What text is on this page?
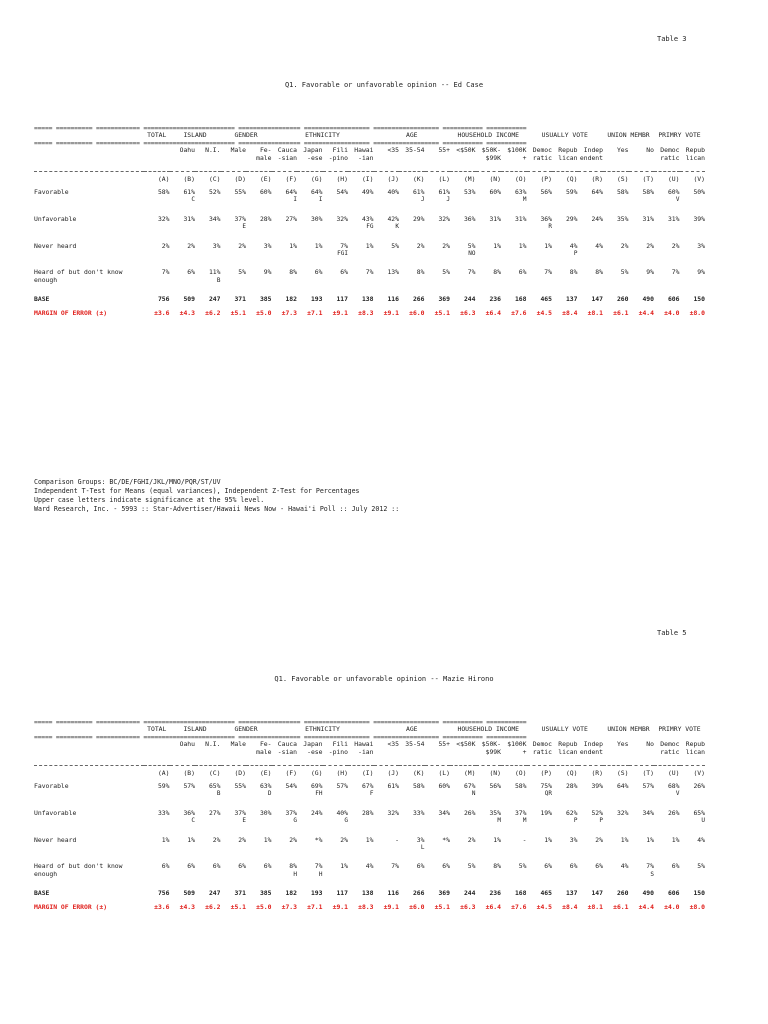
Table 3
Q1. Favorable or unfavorable opinion -- Ed Case
===== ========== ============ ========================= ================= ================== ================== =========== ===========																						
	TOTAL	ISLAND		GENDER		ETHNICITY				AGE			HOUSEHOLD INCOME			USUALLY VOTE			UNION MEMBR		PRIMRY VOTE	
===== ========== ============ ========================= ================= ================== ================== =========== ===========																						
		Oahu	N.I.	Male	Fe-	Cauca	Japan	Fili	Hawai	<35	35-54	55+	<$50K	$50K-	$100K	Democ	Repub	Indep	Yes	No	Democ	Repub
					male	-sian	-ese	-pino	-ian					$99K	+	ratic	lican	endent			ratic	lican

	(A)	(B)	(C)	(D)	(E)	(F)	(G)	(H)	(I)	(J)	(K)	(L)	(M)	(N)	(O)	(P)	(Q)	(R)	(S)	(T)	(U)	(V)

Favorable	58%	61%	52%	55%	60%	64%	64%	54%	49%	40%	61%	61%	53%	60%	63%	56%	59%	64%	58%	58%	60%	50%
		C				I	I				J	J			M						V	

Unfavorable	32%	31%	34%	37%	28%	27%	30%	32%	43%	42%	29%	32%	36%	31%	31%	36%	29%	24%	35%	31%	31%	39%
				E					FG	K						R						

Never heard	2%	2%	3%	2%	3%	1%	1%	7%	1%	5%	2%	2%	5%	1%	1%	1%	4%	4%	2%	2%	2%	3%
								FGI					NO				P					

Heard of but don't know	7%	6%	11%	5%	9%	8%	6%	6%	7%	13%	8%	5%	7%	8%	6%	7%	8%	8%	5%	9%	7%	9%
enough			B																			

BASE	756	509	247	371	385	182	193	117	138	116	266	369	244	236	168	465	137	147	260	490	606	150
MARGIN OF ERROR (±)	±3.6	±4.3	±6.2	±5.1	±5.0	±7.3	±7.1	±9.1	±8.3	±9.1	±6.0	±5.1	±6.3	±6.4	±7.6	±4.5	±8.4	±8.1	±6.1	±4.4	±4.0	±8.0
Comparison Groups: BC/DE/FGHI/JKL/MNO/PQR/ST/UV
Independent T-Test for Means (equal variances), Independent Z-Test for Percentages
Upper case letters indicate significance at the 95% level.
Ward Research, Inc. - 5993 :: Star-Advertiser/Hawaii News Now - Hawai'i Poll :: July 2012 ::
Table 5
Q1. Favorable or unfavorable opinion -- Mazie Hirono
===== ========== ============ ========================= ================= ================== ================== =========== ===========																						
	TOTAL	ISLAND		GENDER		ETHNICITY				AGE			HOUSEHOLD INCOME			USUALLY VOTE			UNION MEMBR		PRIMRY VOTE	
===== ========== ============ ========================= ================= ================== ================== =========== ===========																						
		Oahu	N.I.	Male	Fe-	Cauca	Japan	Fili	Hawai	<35	35-54	55+	<$50K	$50K-	$100K	Democ	Repub	Indep	Yes	No	Democ	Repub
					male	-sian	-ese	-pino	-ian					$99K	+	ratic	lican	endent			ratic	lican

	(A)	(B)	(C)	(D)	(E)	(F)	(G)	(H)	(I)	(J)	(K)	(L)	(M)	(N)	(O)	(P)	(Q)	(R)	(S)	(T)	(U)	(V)

Favorable	59%	57%	65%	55%	63%	54%	69%	57%	67%	61%	58%	60%	67%	56%	58%	75%	28%	39%	64%	57%	68%	26%
			B		D		FH		F				N			QR					V	

Unfavorable	33%	36%	27%	37%	30%	37%	24%	40%	28%	32%	33%	34%	26%	35%	37%	19%	62%	52%	32%	34%	26%	65%
		C		E		G		G						M	M		P	P				U

Never heard	1%	1%	2%	2%	1%	2%	*%	2%	1%	-	3%	*%	2%	1%	-	1%	3%	2%	1%	1%	1%	4%
											L											

Heard of but don't know	6%	6%	6%	6%	6%	8%	7%	1%	4%	7%	6%	6%	5%	8%	5%	6%	6%	6%	4%	7%	6%	5%
enough						H	H													S		

BASE	756	509	247	371	385	182	193	117	138	116	266	369	244	236	168	465	137	147	260	490	606	150
MARGIN OF ERROR (±)	±3.6	±4.3	±6.2	±5.1	±5.0	±7.3	±7.1	±9.1	±8.3	±9.1	±6.0	±5.1	±6.3	±6.4	±7.6	±4.5	±8.4	±8.1	±6.1	±4.4	±4.0	±8.0
